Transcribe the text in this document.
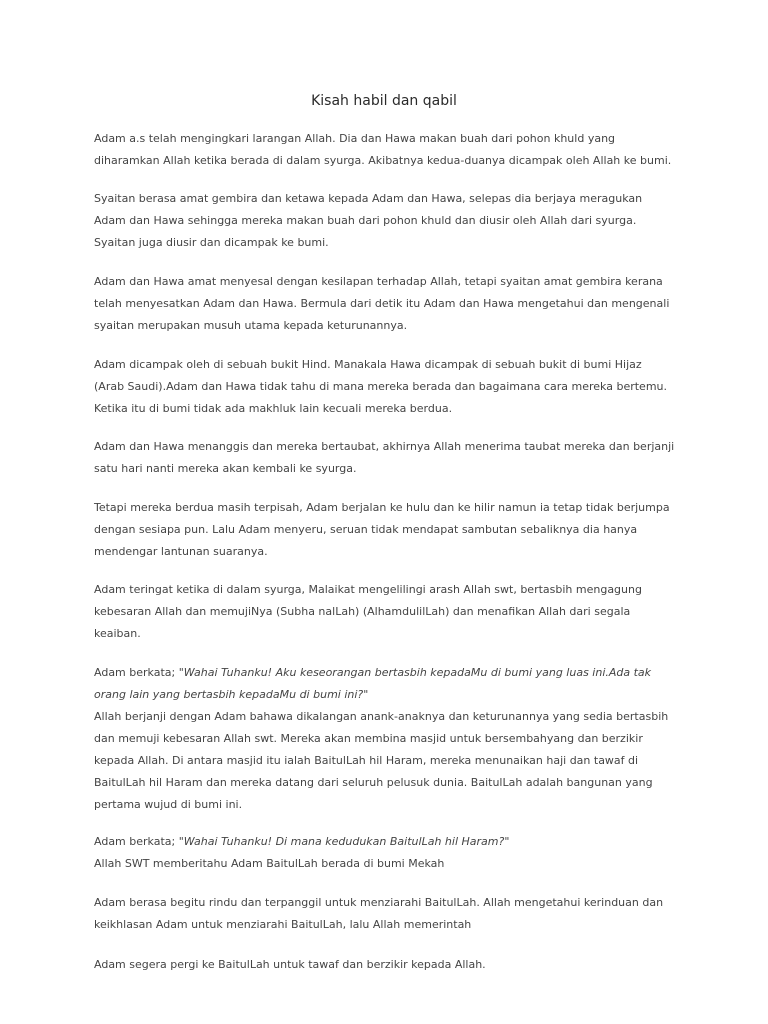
Kisah habil dan qabil

Adam a.s telah mengingkari larangan Allah. Dia dan Hawa makan buah dari pohon khuld yang
diharamkan Allah ketika berada di dalam syurga. Akibatnya kedua-duanya dicampak oleh Allah ke bumi.

Syaitan berasa amat gembira dan ketawa kepada Adam dan Hawa, selepas dia berjaya meragukan
Adam dan Hawa sehingga mereka makan buah dari pohon khuld dan diusir oleh Allah dari syurga.
Syaitan juga diusir dan dicampak ke bumi.

Adam dan Hawa amat menyesal dengan kesilapan terhadap Allah, tetapi syaitan amat gembira kerana
telah menyesatkan Adam dan Hawa. Bermula dari detik itu Adam dan Hawa mengetahui dan mengenali
syaitan merupakan musuh utama kepada keturunannya.

Adam dicampak oleh di sebuah bukit Hind. Manakala Hawa dicampak di sebuah bukit di bumi Hijaz
(Arab Saudi).Adam dan Hawa tidak tahu di mana mereka berada dan bagaimana cara mereka bertemu.
Ketika itu di bumi tidak ada makhluk lain kecuali mereka berdua.

Adam dan Hawa menanggis dan mereka bertaubat, akhirnya Allah menerima taubat mereka dan berjanji
satu hari nanti mereka akan kembali ke syurga.

Tetapi mereka berdua masih terpisah, Adam berjalan ke hulu dan ke hilir namun ia tetap tidak berjumpa
dengan sesiapa pun. Lalu Adam menyeru, seruan tidak mendapat sambutan sebaliknya dia hanya
mendengar lantunan suaranya.

Adam teringat ketika di dalam syurga, Malaikat mengelilingi arash Allah swt, bertasbih mengagung
kebesaran Allah dan memujiNya (Subha nalLah) (AlhamdulilLah) dan menafikan Allah dari segala
keaiban.

Adam berkata; "Wahai Tuhanku! Aku keseorangan bertasbih kepadaMu di bumi yang luas ini.Ada tak
orang lain yang bertasbih kepadaMu di bumi ini?"
Allah berjanji dengan Adam bahawa dikalangan anank-anaknya dan keturunannya yang sedia bertasbih
dan memuji kebesaran Allah swt. Mereka akan membina masjid untuk bersembahyang dan berzikir
kepada Allah. Di antara masjid itu ialah BaitulLah hil Haram, mereka menunaikan haji dan tawaf di
BaitulLah hil Haram dan mereka datang dari seluruh pelusuk dunia. BaitulLah adalah bangunan yang
pertama wujud di bumi ini.

Adam berkata; "Wahai Tuhanku! Di mana kedudukan BaitulLah hil Haram?"
Allah SWT memberitahu Adam BaitulLah berada di bumi Mekah

Adam berasa begitu rindu dan terpanggil untuk menziarahi BaitulLah. Allah mengetahui kerinduan dan
keikhlasan Adam untuk menziarahi BaitulLah, lalu Allah memerintah

Adam segera pergi ke BaitulLah untuk tawaf dan berzikir kepada Allah.
